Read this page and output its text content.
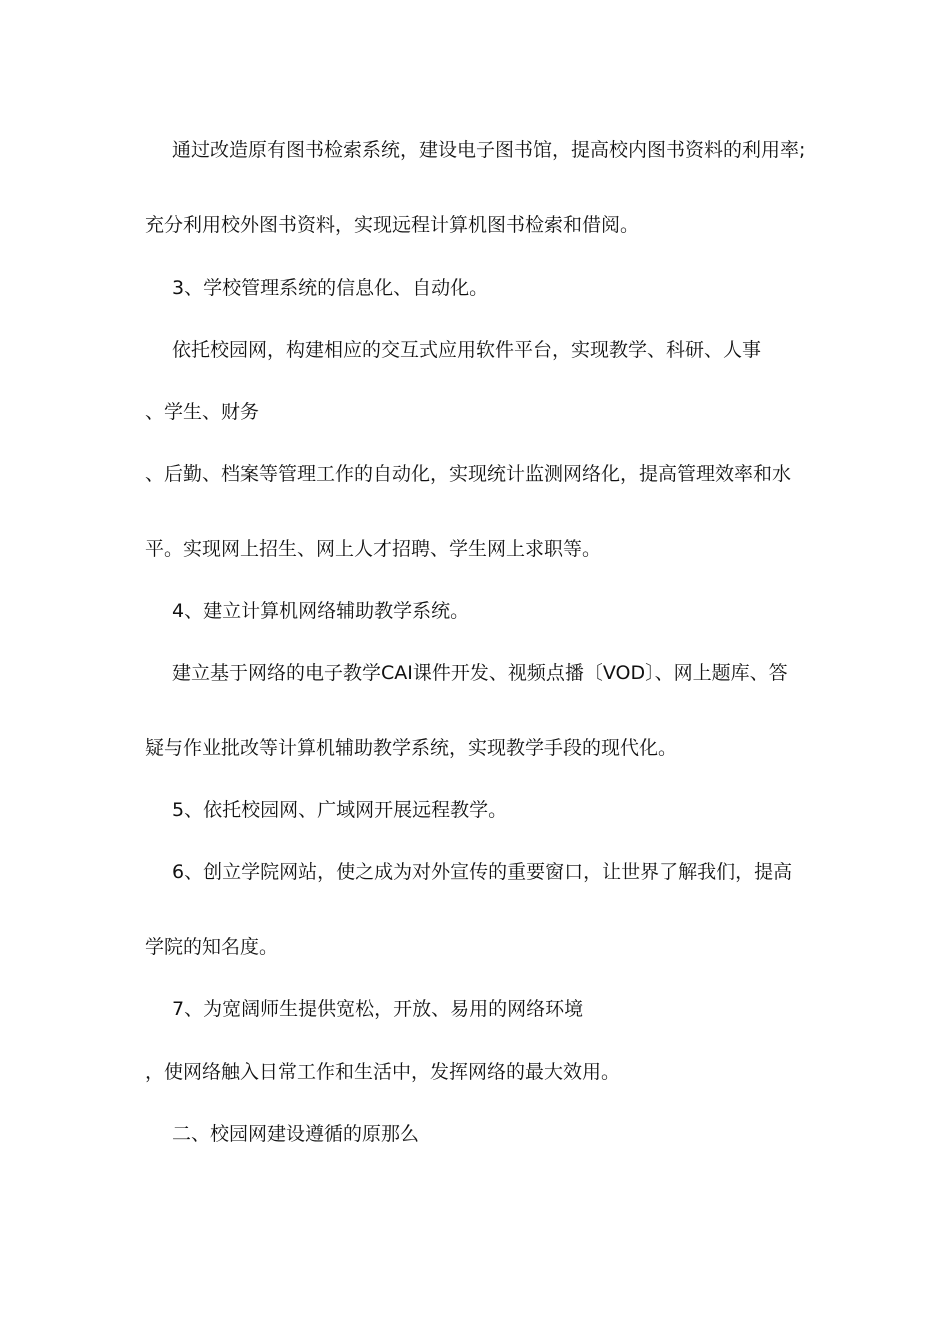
通过改造原有图书检索系统，建设电子图书馆，提高校内图书资料的利用率;
充分利用校外图书资料，实现远程计算机图书检索和借阅。
3、学校管理系统的信息化、自动化。
依托校园网，构建相应的交互式应用软件平台，实现教学、科研、人事
、学生、财务
、后勤、档案等管理工作的自动化，实现统计监测网络化，提高管理效率和水
平。实现网上招生、网上人才招聘、学生网上求职等。
4、建立计算机网络辅助教学系统。
建立基于网络的电子教学CAI课件开发、视频点播〔VOD〕、网上题库、答
疑与作业批改等计算机辅助教学系统，实现教学手段的现代化。
5、依托校园网、广域网开展远程教学。
6、创立学院网站，使之成为对外宣传的重要窗口，让世界了解我们，提高
学院的知名度。
7、为宽阔师生提供宽松，开放、易用的网络环境
，使网络触入日常工作和生活中，发挥网络的最大效用。
二、校园网建设遵循的原那么
